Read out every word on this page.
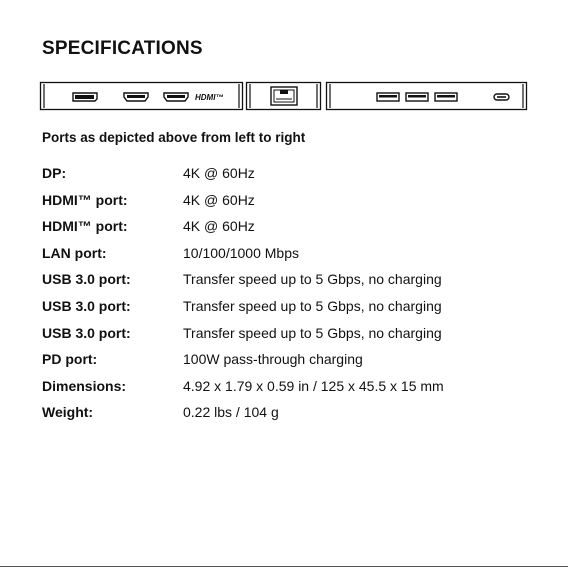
SPECIFICATIONS
HDMI™
Ports as depicted above from left to right
DP:	4K @ 60Hz
HDMI™ port:	4K @ 60Hz
HDMI™ port:	4K @ 60Hz
LAN port:	10/100/1000 Mbps
USB 3.0 port:	Transfer speed up to 5 Gbps, no charging
USB 3.0 port:	Transfer speed up to 5 Gbps, no charging
USB 3.0 port:	Transfer speed up to 5 Gbps, no charging
PD port:	100W pass-through charging
Dimensions:	4.92 x 1.79 x 0.59 in / 125 x 45.5 x 15 mm
Weight:	0.22 lbs / 104 g
